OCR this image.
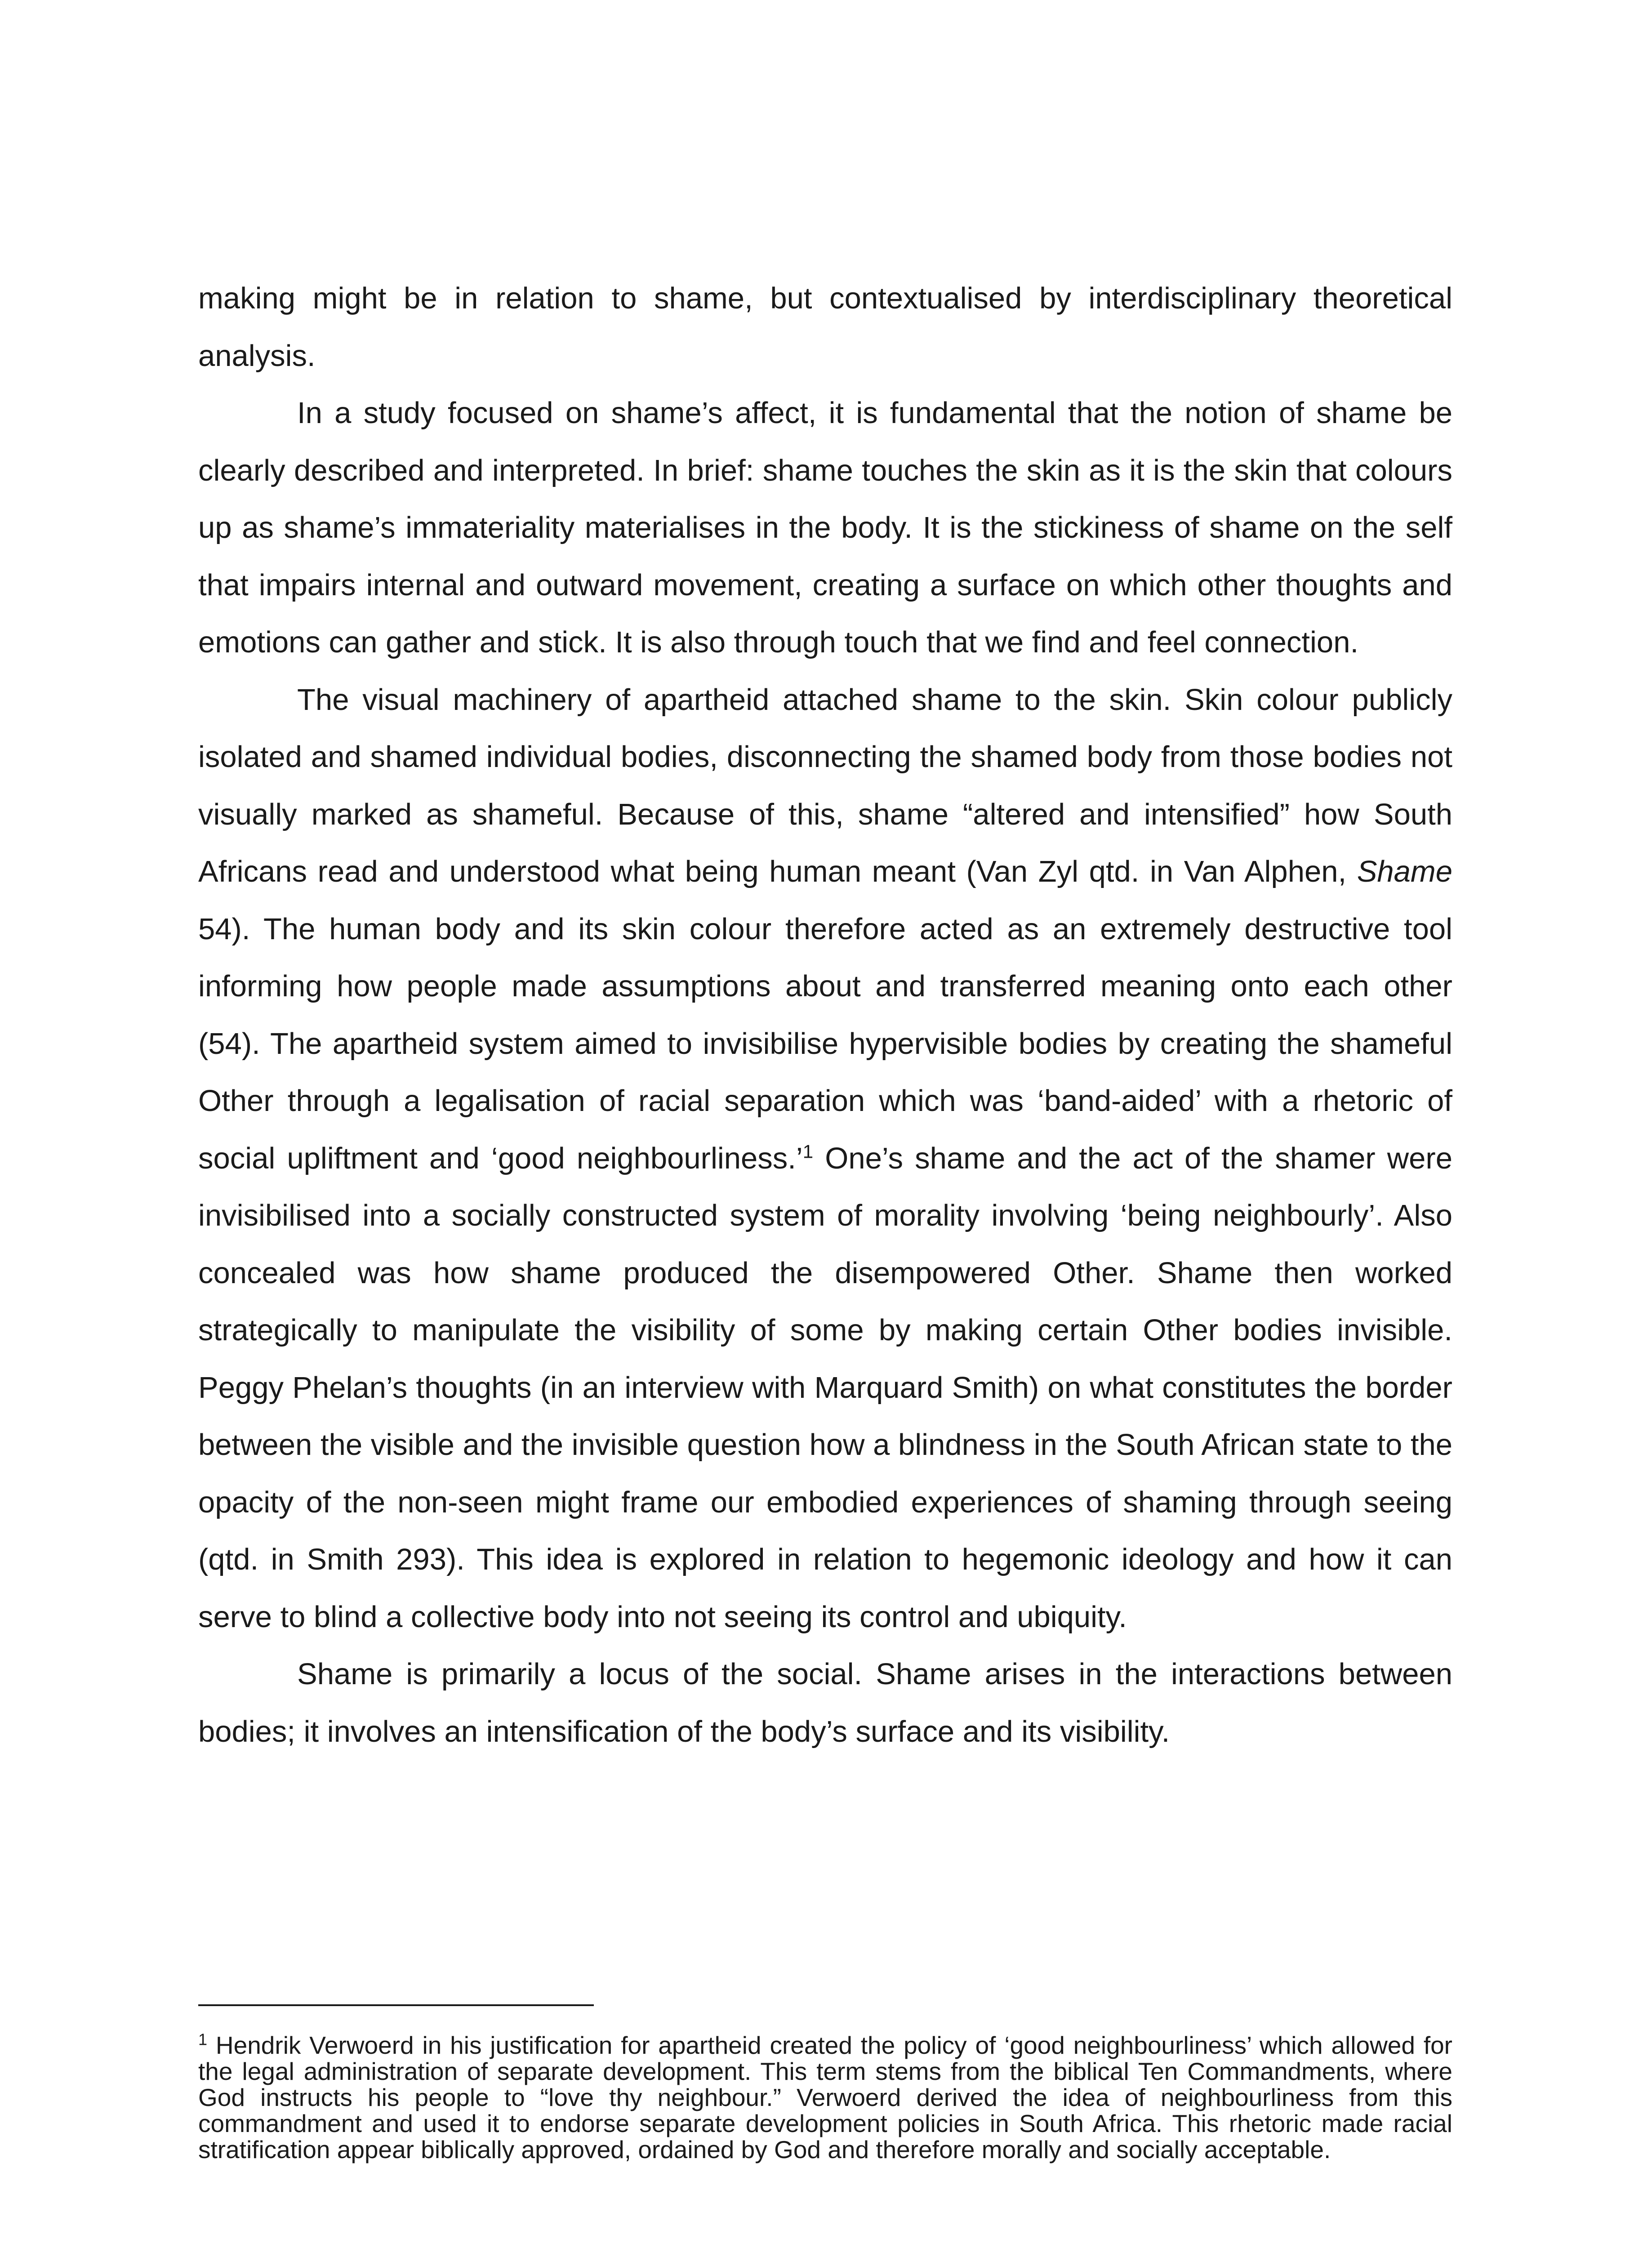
making might be in relation to shame, but contextualised by interdisciplinary theoretical analysis.

In a study focused on shame’s affect, it is fundamental that the notion of shame be clearly described and interpreted. In brief: shame touches the skin as it is the skin that colours up as shame’s immateriality materialises in the body. It is the stickiness of shame on the self that impairs internal and outward movement, creating a surface on which other thoughts and emotions can gather and stick. It is also through touch that we find and feel connection.

The visual machinery of apartheid attached shame to the skin. Skin colour publicly isolated and shamed individual bodies, disconnecting the shamed body from those bodies not visually marked as shameful. Because of this, shame “altered and intensified” how South Africans read and understood what being human meant (Van Zyl qtd. in Van Alphen, Shame 54). The human body and its skin colour therefore acted as an extremely destructive tool informing how people made assumptions about and transferred meaning onto each other (54). The apartheid system aimed to invisibilise hypervisible bodies by creating the shameful Other through a legalisation of racial separation which was ‘band-aided’ with a rhetoric of social upliftment and ‘good neighbourliness.’$^1$ One’s shame and the act of the shamer were invisibilised into a socially constructed system of morality involving ‘being neighbourly’. Also concealed was how shame produced the disempowered Other. Shame then worked strategically to manipulate the visibility of some by making certain Other bodies invisible. Peggy Phelan’s thoughts (in an interview with Marquard Smith) on what constitutes the border between the visible and the invisible question how a blindness in the South African state to the opacity of the non-seen might frame our embodied experiences of shaming through seeing (qtd. in Smith 293). This idea is explored in relation to hegemonic ideology and how it can serve to blind a collective body into not seeing its control and ubiquity.

Shame is primarily a locus of the social. Shame arises in the interactions between bodies; it involves an intensification of the body’s surface and its visibility.

$^1$ Hendrik Verwoerd in his justification for apartheid created the policy of ‘good neighbourliness’ which allowed for the legal administration of separate development. This term stems from the biblical Ten Commandments, where God instructs his people to “love thy neighbour.” Verwoerd derived the idea of neighbourliness from this commandment and used it to endorse separate development policies in South Africa. This rhetoric made racial stratification appear biblically approved, ordained by God and therefore morally and socially acceptable.
